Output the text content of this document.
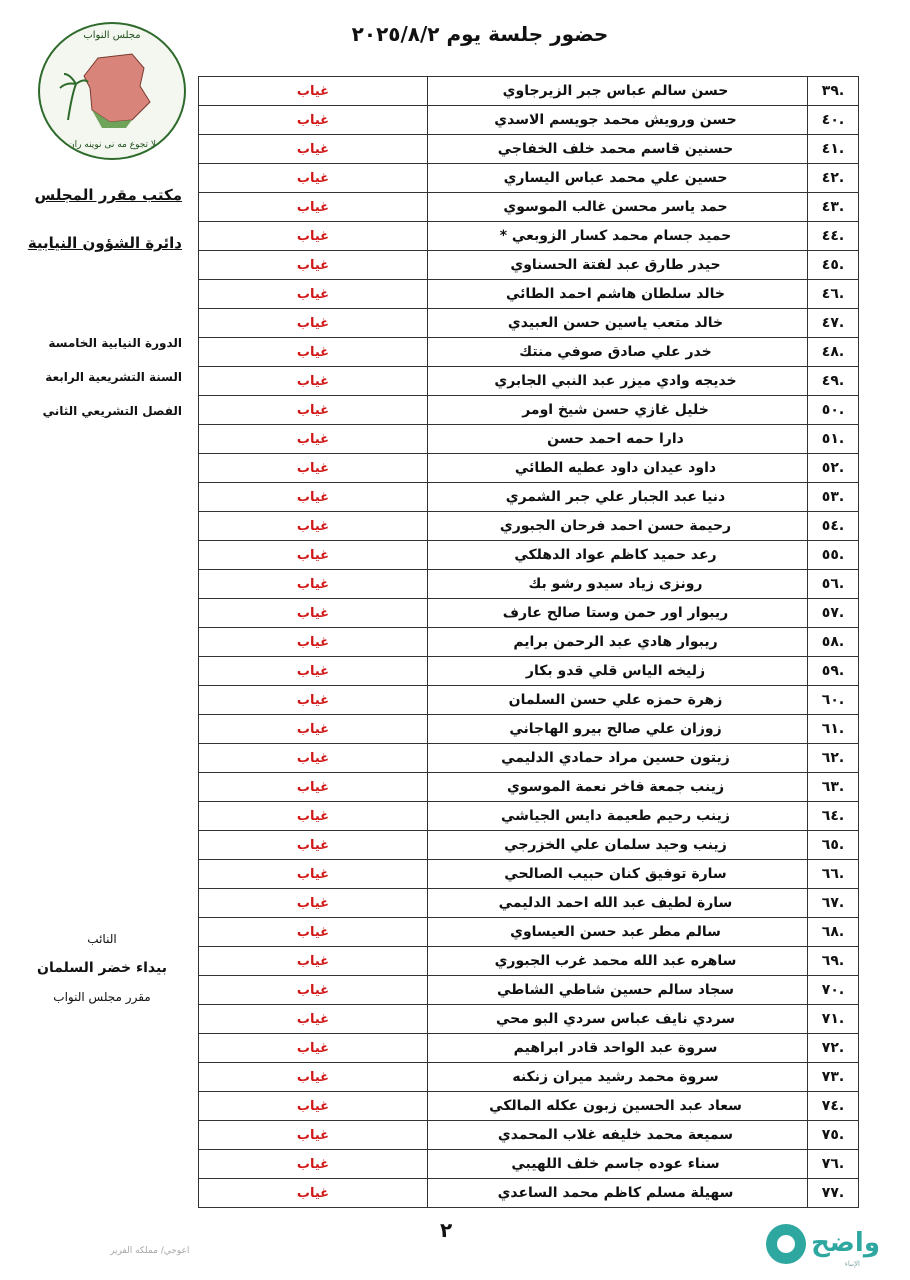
حضور جلسة يوم ٢٠٢٥/٨/٢
مجلس النواب
لا تجوع مه نى نوينه ران
مكتب مقرر المجلس
دائرة الشؤون النيابية
الدورة النيابية الخامسة
السنة التشريعية الرابعة
الفصل التشريعي الثاني
النائب
بيداء خضر السلمان
مقرر مجلس النواب
.٣٩	حسن سالم عباس جبر الزيرجاوي	غياب
.٤٠	حسن ورويش محمد جويسم الاسدي	غياب
.٤١	حسنين قاسم محمد خلف الخفاجي	غياب
.٤٢	حسين علي محمد عباس اليساري	غياب
.٤٣	حمد ياسر محسن غالب الموسوي	غياب
.٤٤	حميد جسام محمد كسار الزوبعي *	غياب
.٤٥	حيدر طارق عبد لفتة الحسناوي	غياب
.٤٦	خالد سلطان هاشم احمد الطائي	غياب
.٤٧	خالد متعب ياسين حسن العبيدي	غياب
.٤٨	خدر علي صادق صوفي منتك	غياب
.٤٩	خديجه وادي ميزر عبد النبي الجابري	غياب
.٥٠	خليل غازي حسن شيخ اومر	غياب
.٥١	دارا حمه احمد حسن	غياب
.٥٢	داود عيدان داود عطيه الطائي	غياب
.٥٣	دنيا عبد الجبار علي جبر الشمري	غياب
.٥٤	رحيمة حسن احمد فرحان الجبوري	غياب
.٥٥	رعد حميد كاظم عواد الدهلكي	غياب
.٥٦	رونزى زياد سيدو رشو بك	غياب
.٥٧	ريبوار اور حمن وستا صالح عارف	غياب
.٥٨	ريبوار هادي عبد الرحمن برايم	غياب
.٥٩	زليخه الياس قلي قدو بكار	غياب
.٦٠	زهرة حمزه علي حسن السلمان	غياب
.٦١	زوزان علي صالح بيرو الهاجاني	غياب
.٦٢	زيتون حسين مراد حمادي الدليمي	غياب
.٦٣	زينب جمعة فاخر نعمة الموسوي	غياب
.٦٤	زينب رحيم طعيمة دايس الجياشي	غياب
.٦٥	زينب وحيد سلمان علي الخزرجي	غياب
.٦٦	سارة توفيق كنان حبيب الصالحي	غياب
.٦٧	سارة لطيف عبد الله احمد الدليمي	غياب
.٦٨	سالم مطر عبد حسن العيساوي	غياب
.٦٩	ساهره عبد الله محمد غرب الجبوري	غياب
.٧٠	سجاد سالم حسين شاطي الشاطي	غياب
.٧١	سردي نايف عباس سردي البو محي	غياب
.٧٢	سروة عبد الواحد قادر ابراهيم	غياب
.٧٣	سروة محمد رشيد ميران زنكنه	غياب
.٧٤	سعاد عبد الحسين زبون عكله المالكي	غياب
.٧٥	سميعة محمد خليفه غلاب المحمدي	غياب
.٧٦	سناء عوده جاسم خلف اللهيبي	غياب
.٧٧	سهيلة مسلم كاظم محمد الساعدي	غياب
٢
اعوجي/ مملكه الفرير	واضح
الإنباء
